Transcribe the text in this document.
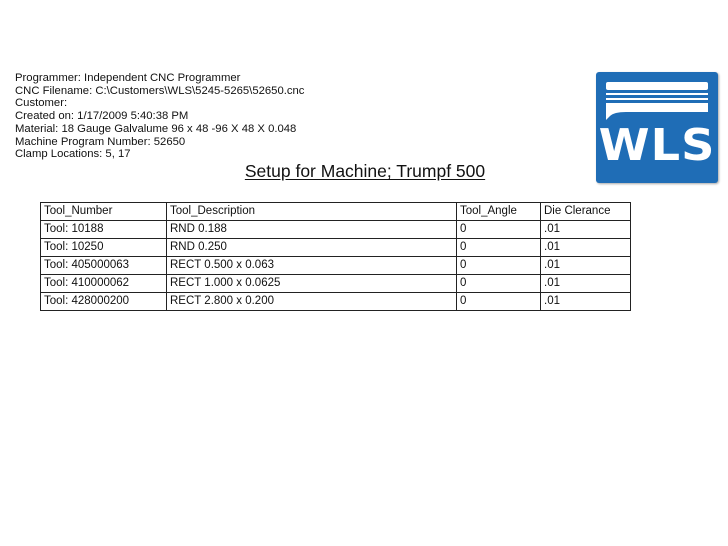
Programmer: Independent CNC Programmer
CNC Filename: C:\Customers\WLS\5245-5265\52650.cnc
Customer:
Created on: 1/17/2009 5:40:38 PM
Material: 18 Gauge Galvalume 96 x 48 -96 X 48 X 0.048
Machine Program Number: 52650
Clamp Locations: 5, 17	WLS
Setup for Machine; Trumpf 500
Tool_Number	Tool_Description	Tool_Angle	Die Clerance
Tool: 10188	RND 0.188	0	.01
Tool: 10250	RND 0.250	0	.01
Tool: 405000063	RECT 0.500 x 0.063	0	.01
Tool: 410000062	RECT 1.000 x 0.0625	0	.01
Tool: 428000200	RECT 2.800 x 0.200	0	.01
